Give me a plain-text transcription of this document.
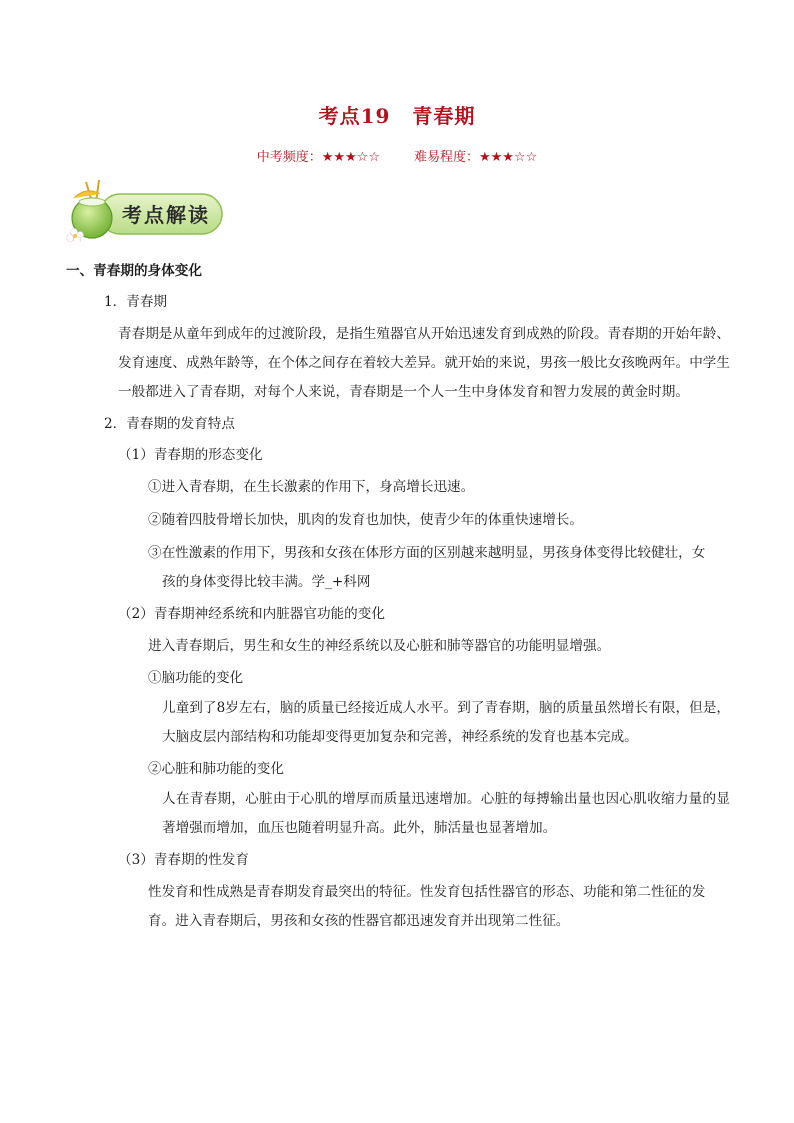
考点19 青春期
中考频度：★★★☆☆	难易程度：★★★☆☆
考点解读

一、青春期的身体变化

1．青春期

青春期是从童年到成年的过渡阶段，是指生殖器官从开始迅速发育到成熟的阶段。青春期的开始年龄、发育速度、成熟年龄等，在个体之间存在着较大差异。就开始的来说，男孩一般比女孩晚两年。中学生一般都进入了青春期，对每个人来说，青春期是一个人一生中身体发育和智力发展的黄金时期。

2．青春期的发育特点

（1）青春期的形态变化

①进入青春期，在生长激素的作用下，身高增长迅速。

②随着四肢骨增长加快，肌肉的发育也加快，使青少年的体重快速增长。

③在性激素的作用下，男孩和女孩在体形方面的区别越来越明显，男孩身体变得比较健壮，女

孩的身体变得比较丰满。学_+科网

（2）青春期神经系统和内脏器官功能的变化

进入青春期后，男生和女生的神经系统以及心脏和肺等器官的功能明显增强。

①脑功能的变化

儿童到了8岁左右，脑的质量已经接近成人水平。到了青春期，脑的质量虽然增长有限，但是，大脑皮层内部结构和功能却变得更加复杂和完善，神经系统的发育也基本完成。

②心脏和肺功能的变化

人在青春期，心脏由于心肌的增厚而质量迅速增加。心脏的每搏输出量也因心肌收缩力量的显著增强而增加，血压也随着明显升高。此外，肺活量也显著增加。

（3）青春期的性发育

性发育和性成熟是青春期发育最突出的特征。性发育包括性器官的形态、功能和第二性征的发育。进入青春期后，男孩和女孩的性器官都迅速发育并出现第二性征。
